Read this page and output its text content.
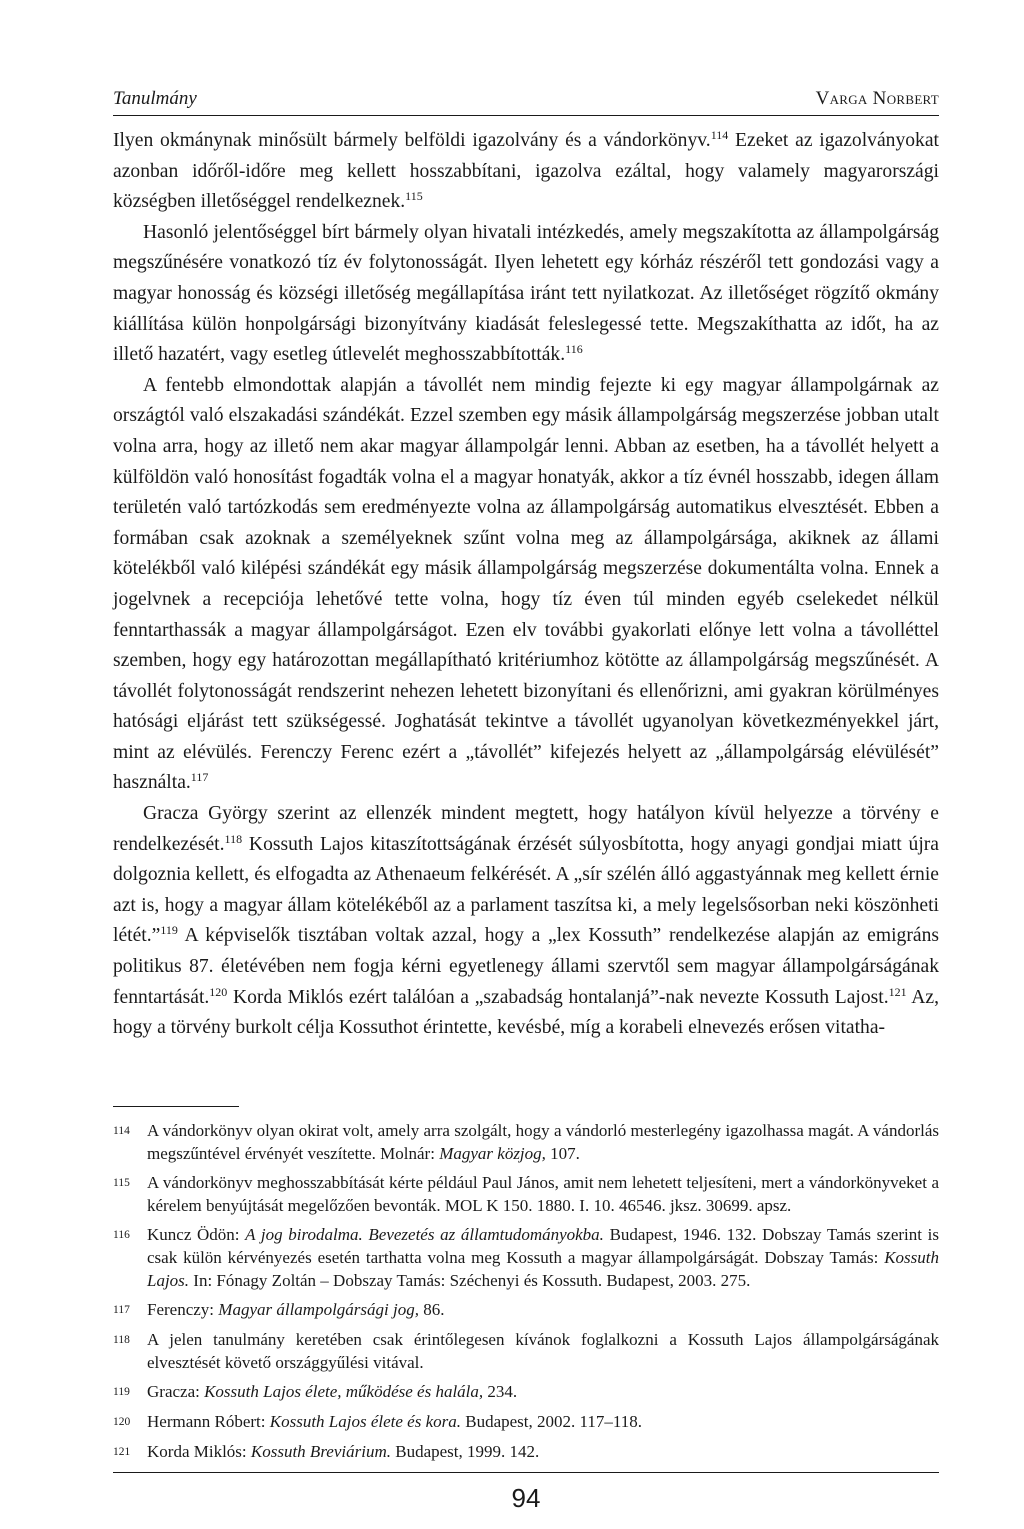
Tanulmány	Varga Norbert

Ilyen okmánynak minősült bármely belföldi igazolvány és a vándorkönyv.$^{114}$ Ezeket az igazolványokat azonban időről-időre meg kellett hosszabbítani, igazolva ezáltal, hogy valamely magyarországi községben illetőséggel rendelkeznek.$^{115}$

Hasonló jelentőséggel bírt bármely olyan hivatali intézkedés, amely megszakította az állampolgárság megszűnésére vonatkozó tíz év folytonosságát. Ilyen lehetett egy kórház részéről tett gondozási vagy a magyar honosság és községi illetőség megállapítása iránt tett nyilatkozat. Az illetőséget rögzítő okmány kiállítása külön honpolgársági bizonyítvány kiadását feleslegessé tette. Megszakíthatta az időt, ha az illető hazatért, vagy esetleg útlevelét meghosszabbították.$^{116}$

A fentebb elmondottak alapján a távollét nem mindig fejezte ki egy magyar állampolgárnak az országtól való elszakadási szándékát. Ezzel szemben egy másik állampolgárság megszerzése jobban utalt volna arra, hogy az illető nem akar magyar állampolgár lenni. Abban az esetben, ha a távollét helyett a külföldön való honosítást fogadták volna el a magyar honatyák, akkor a tíz évnél hosszabb, idegen állam területén való tartózkodás sem eredményezte volna az állampolgárság automatikus elvesztését. Ebben a formában csak azoknak a személyeknek szűnt volna meg az állampolgársága, akiknek az állami kötelékből való kilépési szándékát egy másik állampolgárság megszerzése dokumentálta volna. Ennek a jogelvnek a recepciója lehetővé tette volna, hogy tíz éven túl minden egyéb cselekedet nélkül fenntarthassák a magyar állampolgárságot. Ezen elv további gyakorlati előnye lett volna a távolléttel szemben, hogy egy határozottan megállapítható kritériumhoz kötötte az állampolgárság megszűnését. A távollét folytonosságát rendszerint nehezen lehetett bizonyítani és ellenőrizni, ami gyakran körülményes hatósági eljárást tett szükségessé. Joghatását tekintve a távollét ugyanolyan következményekkel járt, mint az elévülés. Ferenczy Ferenc ezért a „távollét” kifejezés helyett az „állampolgárság elévülését” használta.$^{117}$

Gracza György szerint az ellenzék mindent megtett, hogy hatályon kívül helyezze a törvény e rendelkezését.$^{118}$ Kossuth Lajos kitaszítottságának érzését súlyosbította, hogy anyagi gondjai miatt újra dolgoznia kellett, és elfogadta az Athenaeum felkérését. A „sír szélén álló aggastyánnak meg kellett érnie azt is, hogy a magyar állam kötelékéből az a parlament taszítsa ki, a mely legelsősorban neki köszönheti létét.”$^{119}$ A képviselők tisztában voltak azzal, hogy a „lex Kossuth” rendelkezése alapján az emigráns politikus 87. életévében nem fogja kérni egyetlenegy állami szervtől sem magyar állampolgárságának fenntartását.$^{120}$ Korda Miklós ezért találóan a „szabadság hontalanjá”-nak nevezte Kossuth Lajost.$^{121}$ Az, hogy a törvény burkolt célja Kossuthot érintette, kevésbé, míg a korabeli elnevezés erősen vitatha-

114	A vándorkönyv olyan okirat volt, amely arra szolgált, hogy a vándorló mesterlegény igazolhassa magát. A vándorlás megszűntével érvényét veszítette. Molnár: Magyar közjog, 107.
115	A vándorkönyv meghosszabbítását kérte például Paul János, amit nem lehetett teljesíteni, mert a vándorkönyveket a kérelem benyújtását megelőzően bevonták. MOL K 150. 1880. I. 10. 46546. jksz. 30699. apsz.
116	Kuncz Ödön: A jog birodalma. Bevezetés az államtudományokba. Budapest, 1946. 132. Dobszay Tamás szerint is csak külön kérvényezés esetén tarthatta volna meg Kossuth a magyar állampolgárságát. Dobszay Tamás: Kossuth Lajos. In: Fónagy Zoltán – Dobszay Tamás: Széchenyi és Kossuth. Budapest, 2003. 275.
117	Ferenczy: Magyar állampolgársági jog, 86.
118	A jelen tanulmány keretében csak érintőlegesen kívánok foglalkozni a Kossuth Lajos állampolgárságának elvesztését követő országgyűlési vitával.
119	Gracza: Kossuth Lajos élete, működése és halála, 234.
120 Hermann Róbert: Kossuth Lajos élete és kora. Budapest, 2002. 117–118.
121 Korda Miklós: Kossuth Breviárium. Budapest, 1999. 142.
94
